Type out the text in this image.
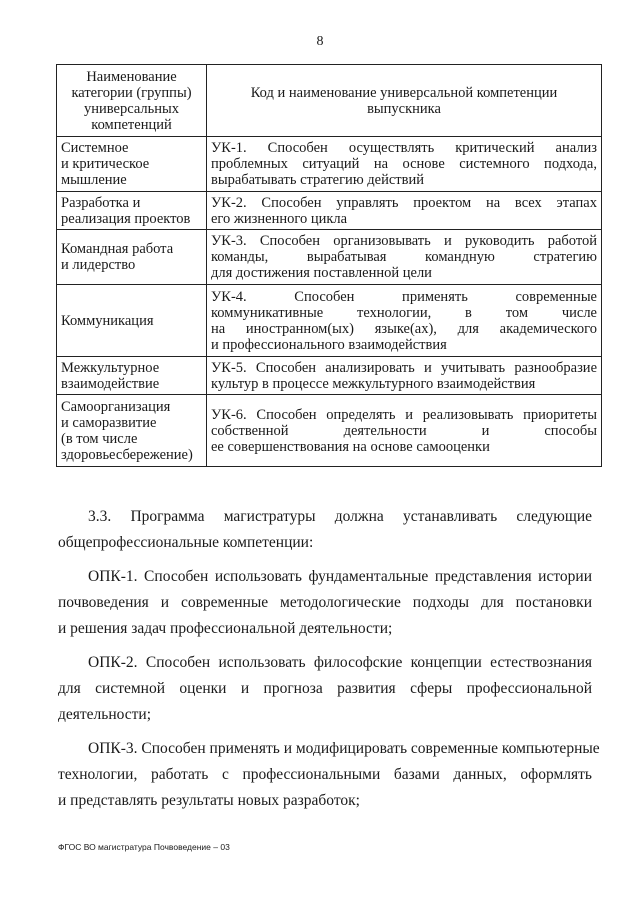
8
Наименование
категории (группы)
универсальных
компетенций	Код и наименование универсальной компетенции
выпускника

Системное
и критическое
мышление	УК-1. Способен осуществлять критический анализ
проблемных ситуаций на основе системного подхода,
вырабатывать стратегию действий

Разработка и
реализация проектов	УК-2. Способен управлять проектом на всех этапах
его жизненного цикла

Командная работа
и лидерство	УК-3. Способен организовывать и руководить работой
команды, вырабатывая командную стратегию
для достижения поставленной цели

Коммуникация	УК-4. Способен применять современные
коммуникативные технологии, в том числе
на иностранном(ых) языке(ах), для академического
и профессионального взаимодействия

Межкультурное
взаимодействие	УК-5. Способен анализировать и учитывать разнообразие
культур в процессе межкультурного взаимодействия

Самоорганизация
и саморазвитие
(в том числе
здоровьесбережение)	УК-6. Способен определять и реализовывать приоритеты
собственной деятельности и способы
ее совершенствования на основе самооценки
3.3. Программа магистратуры должна устанавливать следующие
общепрофессиональные компетенции:
ОПК-1. Способен использовать фундаментальные представления истории
почвоведения и современные методологические подходы для постановки
и решения задач профессиональной деятельности;
ОПК-2. Способен использовать философские концепции естествознания
для системной оценки и прогноза развития сферы профессиональной
деятельности;
ОПК-3. Способен применять и модифицировать современные компьютерные
технологии, работать с профессиональными базами данных, оформлять
и представлять результаты новых разработок;
ФГОС ВО магистратура Почвоведение – 03
